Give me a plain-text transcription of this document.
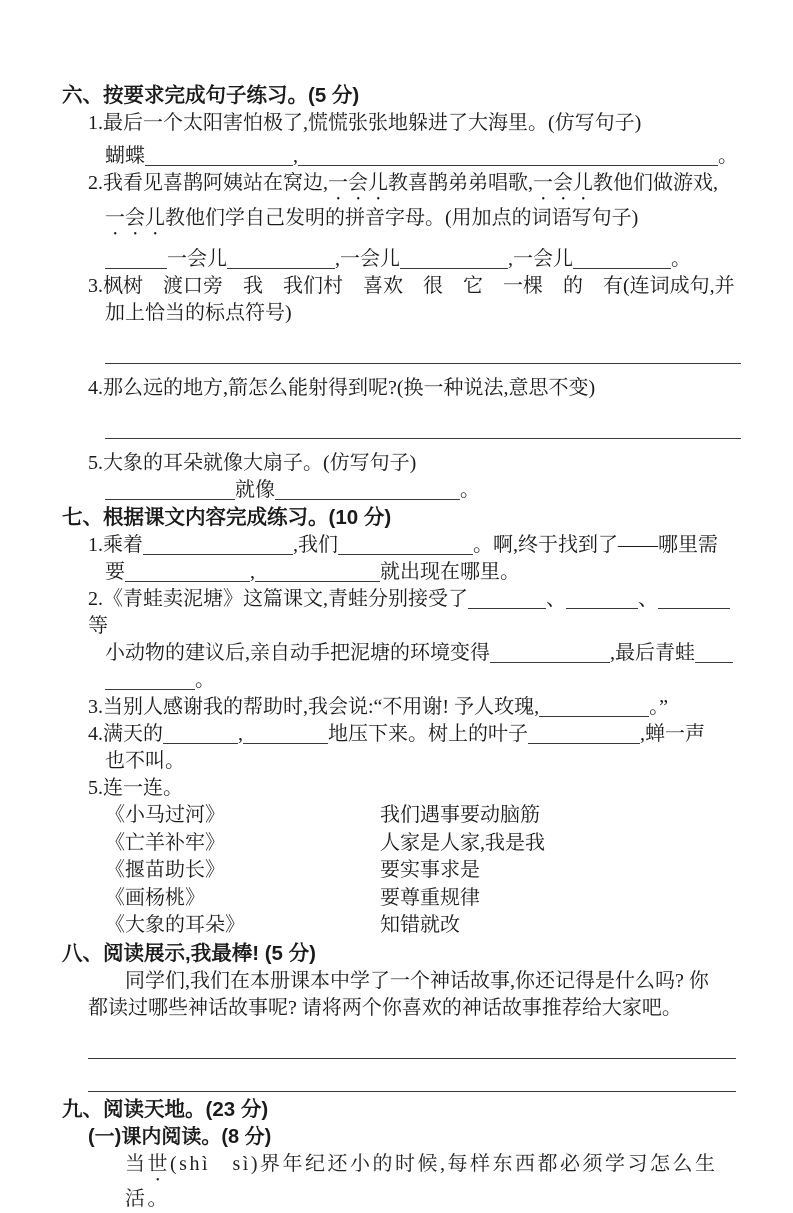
六、按要求完成句子练习。(5 分)
1.最后一个太阳害怕极了,慌慌张张地躲进了大海里。(仿写句子)
蝴蝶	,	。
2.我看见喜鹊阿姨站在窝边,一会儿教喜鹊弟弟唱歌,一会儿教他们做游戏,
一会儿教他们学自己发明的拼音字母。(用加点的词语写句子)
一会儿	,一会儿	,一会儿	。
3.枫树　渡口旁　我　我们村　喜欢　很　它　一棵　的　有(连词成句,并
加上恰当的标点符号)
4.那么远的地方,箭怎么能射得到呢?(换一种说法,意思不变)
5.大象的耳朵就像大扇子。(仿写句子)
就像	。
七、根据课文内容完成练习。(10 分)
1.乘着	,我们	。啊,终于找到了——哪里需
要	,	就出现在哪里。
2.《青蛙卖泥塘》这篇课文,青蛙分别接受了	、	、等
小动物的建议后,亲自动手把泥塘的环境变得	,最后青蛙
。
3.当别人感谢我的帮助时,我会说:“不用谢! 予人玫瑰,	。”
4.满天的	,	地压下来。树上的叶子	,蝉一声
也不叫。
5.连一连。
《小马过河》	我们遇事要动脑筋
《亡羊补牢》	人家是人家,我是我
《揠苗助长》	要实事求是
《画杨桃》	要尊重规律
《大象的耳朵》	知错就改
八、阅读展示,我最棒! (5 分)
同学们,我们在本册课本中学了一个神话故事,你还记得是什么吗? 你
都读过哪些神话故事呢? 请将两个你喜欢的神话故事推荐给大家吧。
九、阅读天地。(23 分)
(一)课内阅读。(8 分)
当世(shì　sì)界年纪还小的时候,每样东西都必须学习怎么生活。
